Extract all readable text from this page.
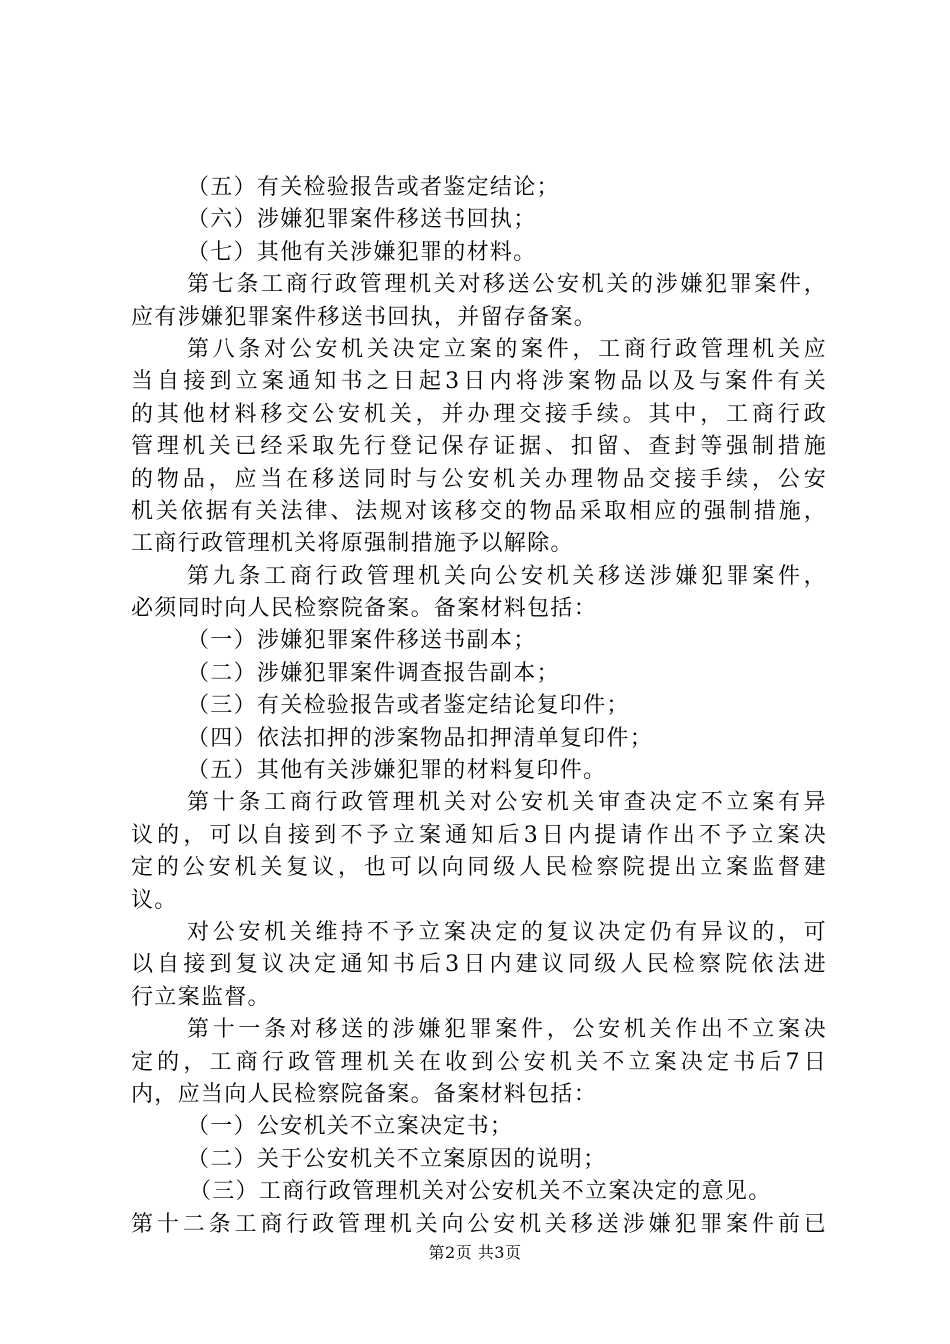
（五）有关检验报告或者鉴定结论；
（六）涉嫌犯罪案件移送书回执；
（七）其他有关涉嫌犯罪的材料。
第七条工商行政管理机关对移送公安机关的涉嫌犯罪案件，
应有涉嫌犯罪案件移送书回执，并留存备案。
第八条对公安机关决定立案的案件，工商行政管理机关应
当自接到立案通知书之日起3日内将涉案物品以及与案件有关
的其他材料移交公安机关，并办理交接手续。其中，工商行政
管理机关已经采取先行登记保存证据、扣留、查封等强制措施
的物品，应当在移送同时与公安机关办理物品交接手续，公安
机关依据有关法律、法规对该移交的物品采取相应的强制措施，
工商行政管理机关将原强制措施予以解除。
第九条工商行政管理机关向公安机关移送涉嫌犯罪案件，
必须同时向人民检察院备案。备案材料包括：
（一）涉嫌犯罪案件移送书副本；
（二）涉嫌犯罪案件调查报告副本；
（三）有关检验报告或者鉴定结论复印件；
（四）依法扣押的涉案物品扣押清单复印件；
（五）其他有关涉嫌犯罪的材料复印件。
第十条工商行政管理机关对公安机关审查决定不立案有异
议的，可以自接到不予立案通知后3日内提请作出不予立案决
定的公安机关复议，也可以向同级人民检察院提出立案监督建
议。
对公安机关维持不予立案决定的复议决定仍有异议的，可
以自接到复议决定通知书后3日内建议同级人民检察院依法进
行立案监督。
第十一条对移送的涉嫌犯罪案件，公安机关作出不立案决
定的，工商行政管理机关在收到公安机关不立案决定书后7日
内，应当向人民检察院备案。备案材料包括：
（一）公安机关不立案决定书；
（二）关于公安机关不立案原因的说明；
（三）工商行政管理机关对公安机关不立案决定的意见。
第十二条工商行政管理机关向公安机关移送涉嫌犯罪案件前已
第2页 共3页
